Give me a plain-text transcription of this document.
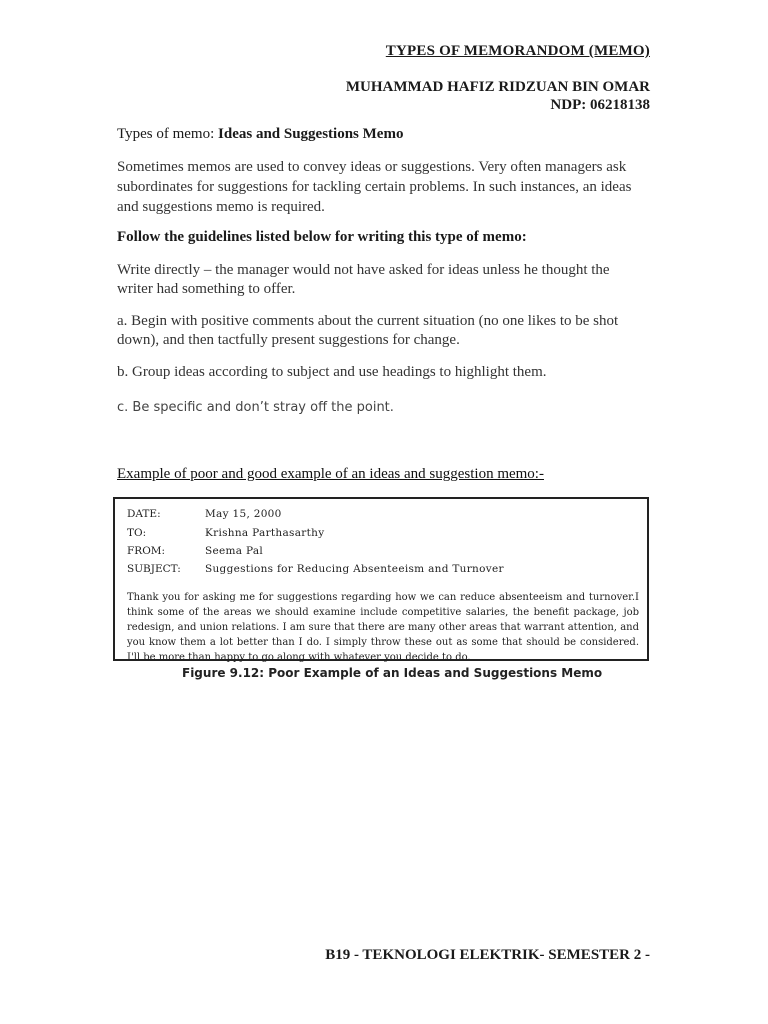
TYPES OF MEMORANDOM (MEMO)
MUHAMMAD HAFIZ RIDZUAN BIN OMAR
NDP: 06218138
Types of memo: Ideas and Suggestions Memo
Sometimes memos are used to convey ideas or suggestions. Very often managers ask subordinates for suggestions for tackling certain problems. In such instances, an ideas and suggestions memo is required.
Follow the guidelines listed below for writing this type of memo:
Write directly – the manager would not have asked for ideas unless he thought the writer had something to offer.
a. Begin with positive comments about the current situation (no one likes to be shot down), and then tactfully present suggestions for change.
b. Group ideas according to subject and use headings to highlight them.
c. Be specific and don’t stray off the point.
Example of poor and good example of an ideas and suggestion memo:-
DATE:	May 15, 2000
TO:	Krishna Parthasarthy
FROM:	Seema Pal
SUBJECT: Suggestions for Reducing Absenteeism and Turnover
Thank you for asking me for suggestions regarding how we can reduce absenteeism and turnover.I think some of the areas we should examine include competitive salaries, the benefit package, job redesign, and union relations. I am sure that there are many other areas that warrant attention, and you know them a lot better than I do. I simply throw these out as some that should be considered. I'll be more than happy to go along with whatever you decide to do.
Figure 9.12: Poor Example of an Ideas and Suggestions Memo
B19 - TEKNOLOGI ELEKTRIK- SEMESTER 2 -
